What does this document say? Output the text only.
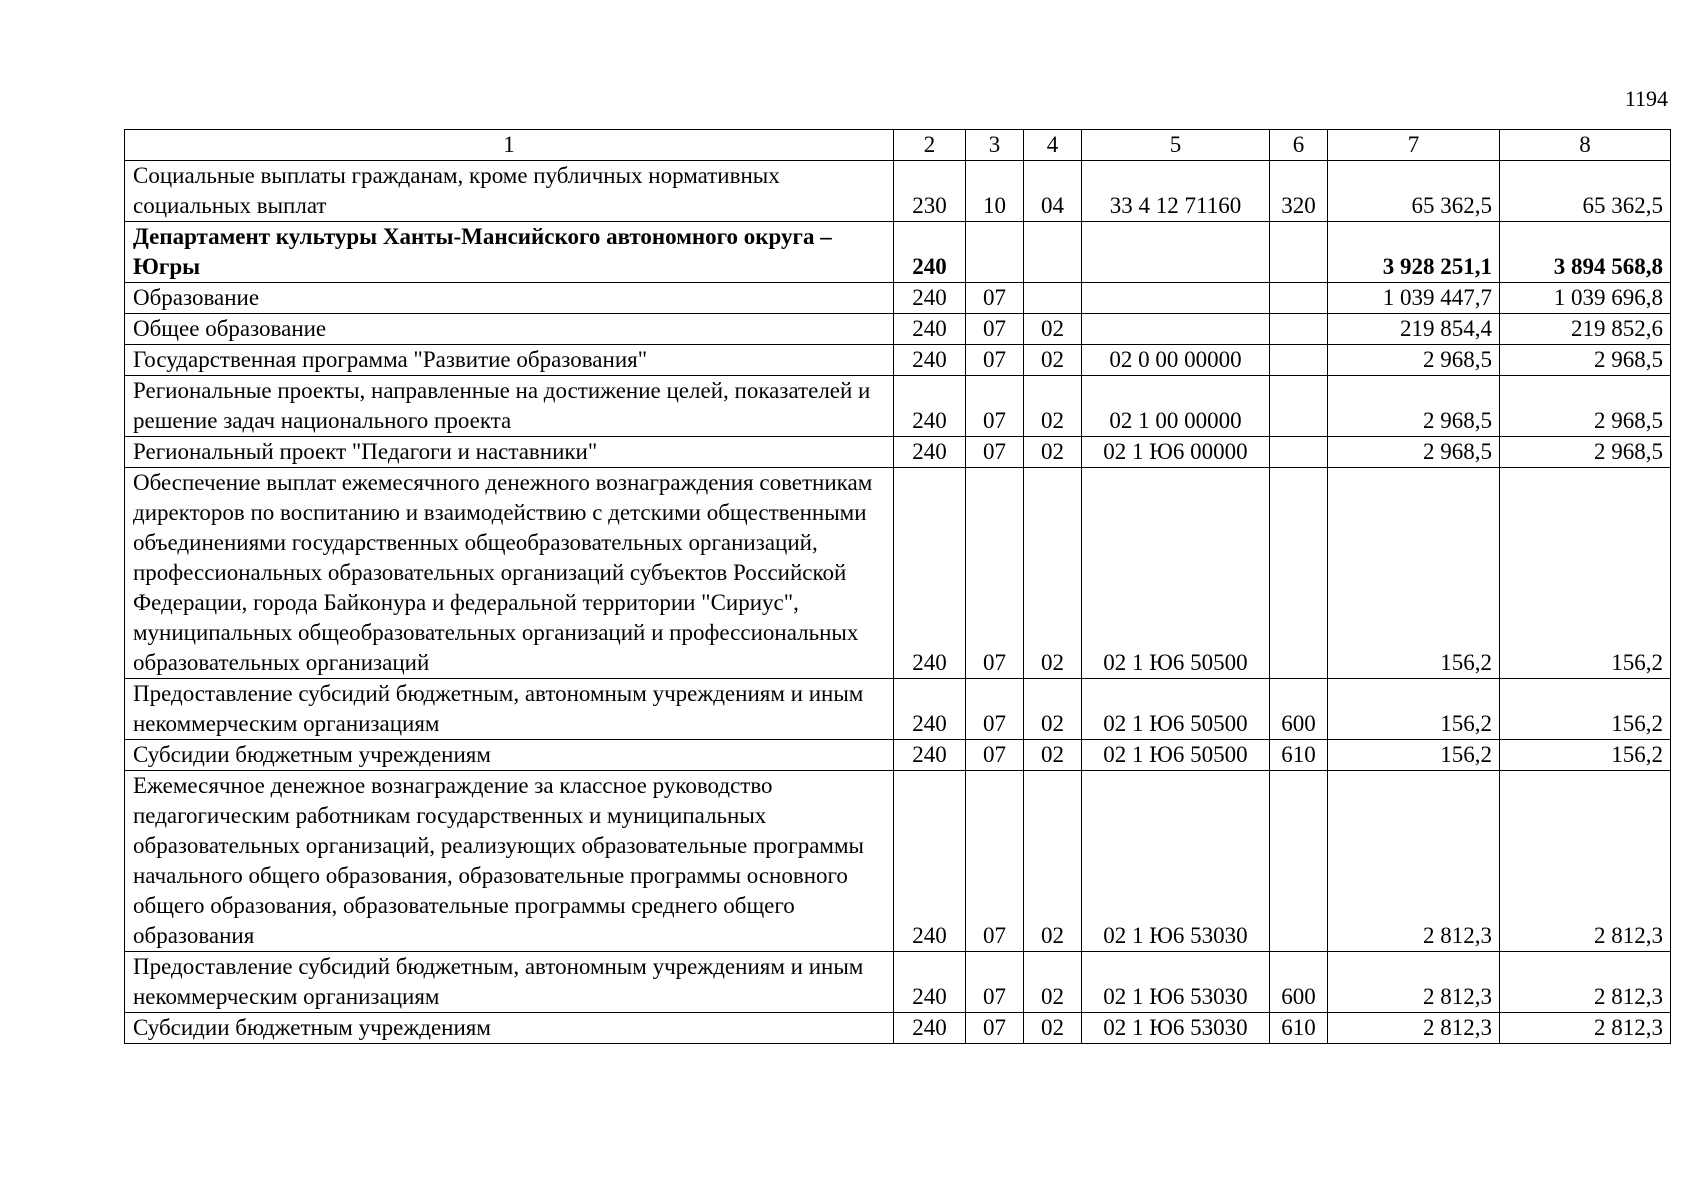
1194
1	2	3	4	5	6	7	8
Социальные выплаты гражданам, кроме публичных нормативных социальных выплат	230	10	04	33 4 12 71160	320	65 362,5	65 362,5
Департамент культуры Ханты-Мансийского автономного округа – Югры	240					3 928 251,1	3 894 568,8
Образование	240	07				1 039 447,7	1 039 696,8
Общее образование	240	07	02			219 854,4	219 852,6
Государственная программа "Развитие образования"	240	07	02	02 0 00 00000		2 968,5	2 968,5
Региональные проекты, направленные на достижение целей, показателей и решение задач национального проекта	240	07	02	02 1 00 00000		2 968,5	2 968,5
Региональный проект "Педагоги и наставники"	240	07	02	02 1 Ю6 00000		2 968,5	2 968,5
Обеспечение выплат ежемесячного денежного вознаграждения советникам директоров по воспитанию и взаимодействию с детскими общественными объединениями государственных общеобразовательных организаций, профессиональных образовательных организаций субъектов Российской Федерации, города Байконура и федеральной территории "Сириус", муниципальных общеобразовательных организаций и профессиональных образовательных организаций	240	07	02	02 1 Ю6 50500		156,2	156,2
Предоставление субсидий бюджетным, автономным учреждениям и иным некоммерческим организациям	240	07	02	02 1 Ю6 50500	600	156,2	156,2
Субсидии бюджетным учреждениям	240	07	02	02 1 Ю6 50500	610	156,2	156,2
Ежемесячное денежное вознаграждение за классное руководство педагогическим работникам государственных и муниципальных образовательных организаций, реализующих образовательные программы начального общего образования, образовательные программы основного общего образования, образовательные программы среднего общего образования	240	07	02	02 1 Ю6 53030		2 812,3	2 812,3
Предоставление субсидий бюджетным, автономным учреждениям и иным некоммерческим организациям	240	07	02	02 1 Ю6 53030	600	2 812,3	2 812,3
Субсидии бюджетным учреждениям	240	07	02	02 1 Ю6 53030	610	2 812,3	2 812,3
